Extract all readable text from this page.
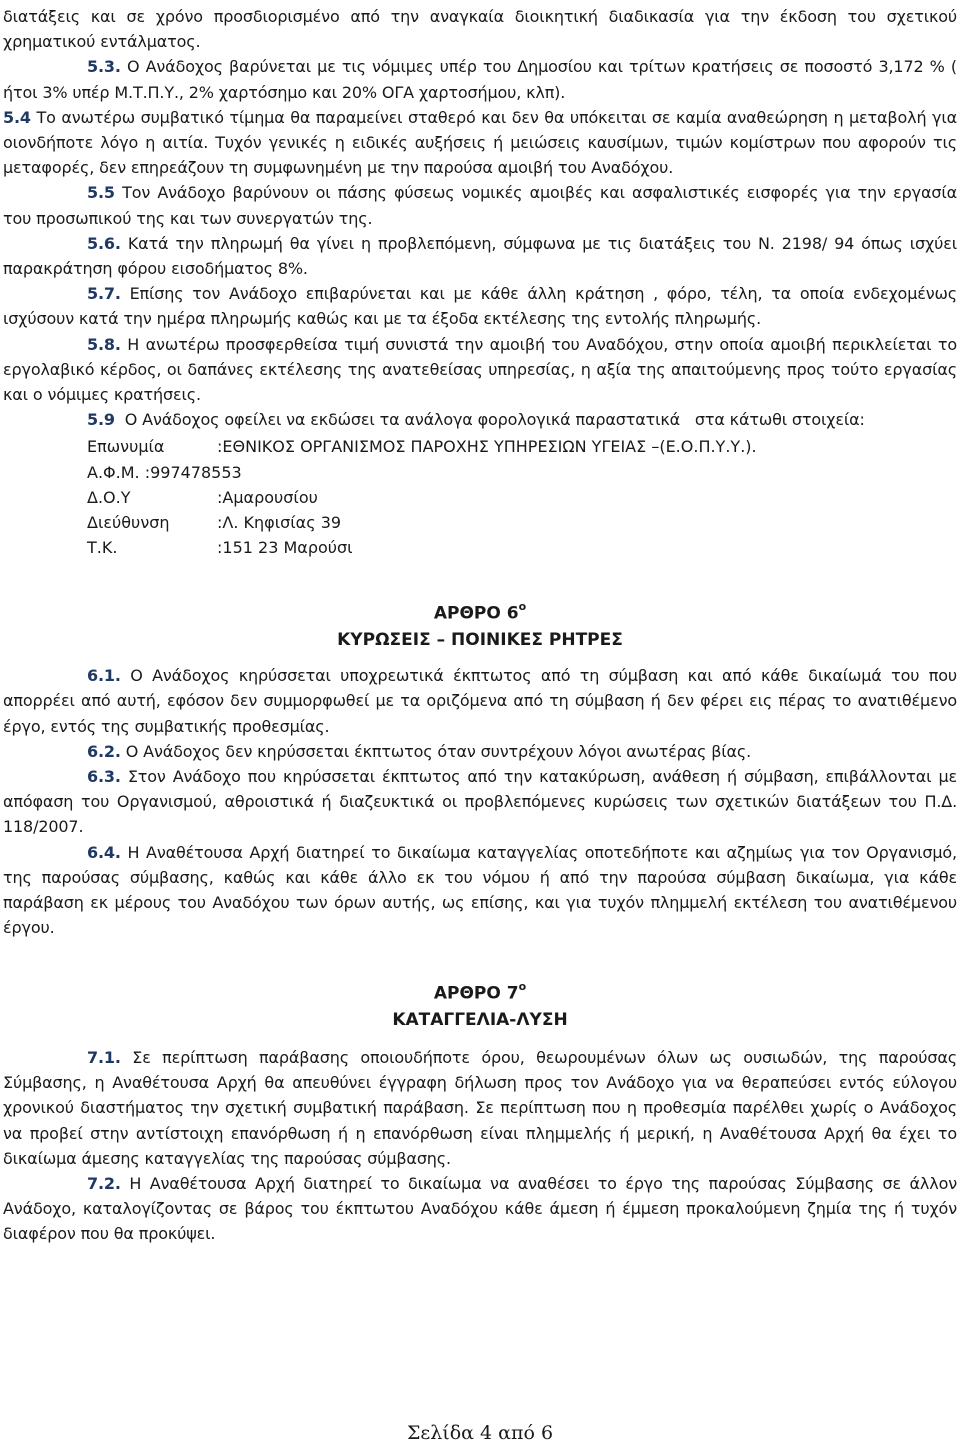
διατάξεις και σε χρόνο προσδιορισμένο από την αναγκαία διοικητική διαδικασία για την έκδοση του σχετικού χρηματικού εντάλματος.

5.3. Ο Ανάδοχος βαρύνεται με τις νόμιμες υπέρ του Δημοσίου και τρίτων κρατήσεις σε ποσοστό 3,172 % ( ήτοι 3% υπέρ Μ.Τ.Π.Υ., 2% χαρτόσημο και 20% ΟΓΑ χαρτοσήμου, κλπ).

5.4 Το ανωτέρω συμβατικό τίμημα θα παραμείνει σταθερό και δεν θα υπόκειται σε καμία αναθεώρηση η μεταβολή για οιονδήποτε λόγο η αιτία. Τυχόν γενικές η ειδικές αυξήσεις ή μειώσεις καυσίμων, τιμών κομίστρων που αφορούν τις μεταφορές, δεν επηρεάζουν τη συμφωνημένη με την παρούσα αμοιβή του Αναδόχου.

5.5 Τον Ανάδοχο βαρύνουν οι πάσης φύσεως νομικές αμοιβές και ασφαλιστικές εισφορές για την εργασία του προσωπικού της και των συνεργατών της.

5.6. Κατά την πληρωμή θα γίνει η προβλεπόμενη, σύμφωνα με τις διατάξεις του Ν. 2198/ 94 όπως ισχύει παρακράτηση φόρου εισοδήματος 8%.

5.7. Επίσης τον Ανάδοχο επιβαρύνεται και με κάθε άλλη κράτηση , φόρο, τέλη, τα οποία ενδεχομένως ισχύσουν κατά την ημέρα πληρωμής καθώς και με τα έξοδα εκτέλεσης της εντολής πληρωμής.

5.8. Η ανωτέρω προσφερθείσα τιμή συνιστά την αμοιβή του Αναδόχου, στην οποία αμοιβή περικλείεται το εργολαβικό κέρδος, οι δαπάνες εκτέλεσης της ανατεθείσας υπηρεσίας, η αξία της απαιτούμενης προς τούτο εργασίας και ο νόμιμες κρατήσεις.

5.9  Ο Ανάδοχος οφείλει να εκδώσει τα ανάλογα φορολογικά παραστατικά   στα κάτωθι στοιχεία:

Επωνυμία	:ΕΘΝΙΚΟΣ ΟΡΓΑΝΙΣΜΟΣ ΠΑΡΟΧΗΣ ΥΠΗΡΕΣΙΩΝ ΥΓΕΙΑΣ –(Ε.Ο.Π.Υ.Υ.).
Α.Φ.Μ. :997478553
Δ.Ο.Υ	:Αμαρουσίου
Διεύθυνση	:Λ. Κηφισίας 39
Τ.Κ.	:151 23 Μαρούσι

ΑΡΘΡΟ $6^o$

ΚΥΡΩΣΕΙΣ – ΠΟΙΝΙΚΕΣ ΡΗΤΡΕΣ

6.1. Ο Ανάδοχος κηρύσσεται υποχρεωτικά έκπτωτος από τη σύμβαση και από κάθε δικαίωμά του που απορρέει από αυτή, εφόσον δεν συμμορφωθεί με τα οριζόμενα από τη σύμβαση ή δεν φέρει εις πέρας το ανατιθέμενο έργο, εντός της συμβατικής προθεσμίας.

6.2. Ο Ανάδοχος δεν κηρύσσεται έκπτωτος όταν συντρέχουν λόγοι ανωτέρας βίας.

6.3. Στον Ανάδοχο που κηρύσσεται έκπτωτος από την κατακύρωση, ανάθεση ή σύμβαση, επιβάλλονται με απόφαση του Οργανισμού, αθροιστικά ή διαζευκτικά οι προβλεπόμενες κυρώσεις των σχετικών διατάξεων του Π.Δ. 118/2007.

6.4. Η Αναθέτουσα Αρχή διατηρεί το δικαίωμα καταγγελίας οποτεδήποτε και αζημίως για τον Οργανισμό, της παρούσας σύμβασης, καθώς και κάθε άλλο εκ του νόμου ή από την παρούσα σύμβαση δικαίωμα, για κάθε παράβαση εκ μέρους του Αναδόχου των όρων αυτής, ως επίσης, και για τυχόν πλημμελή εκτέλεση του ανατιθέμενου έργου.

ΑΡΘΡΟ $7^o$

ΚΑΤΑΓΓΕΛΙΑ-ΛΥΣΗ

7.1. Σε περίπτωση παράβασης οποιουδήποτε όρου, θεωρουμένων όλων ως ουσιωδών, της παρούσας Σύμβασης, η Αναθέτουσα Αρχή θα απευθύνει έγγραφη δήλωση προς τον Ανάδοχο για να θεραπεύσει εντός εύλογου χρονικού διαστήματος την σχετική συμβατική παράβαση. Σε περίπτωση που η προθεσμία παρέλθει χωρίς ο Ανάδοχος να προβεί στην αντίστοιχη επανόρθωση ή η επανόρθωση είναι πλημμελής ή μερική, η Αναθέτουσα Αρχή θα έχει το δικαίωμα άμεσης καταγγελίας της παρούσας σύμβασης.

7.2. Η Αναθέτουσα Αρχή διατηρεί το δικαίωμα να αναθέσει το έργο της παρούσας Σύμβασης σε άλλον Ανάδοχο, καταλογίζοντας σε βάρος του έκπτωτου Αναδόχου κάθε άμεση ή έμμεση προκαλούμενη ζημία της ή τυχόν διαφέρον που θα προκύψει.

Σελίδα 4 από 6
